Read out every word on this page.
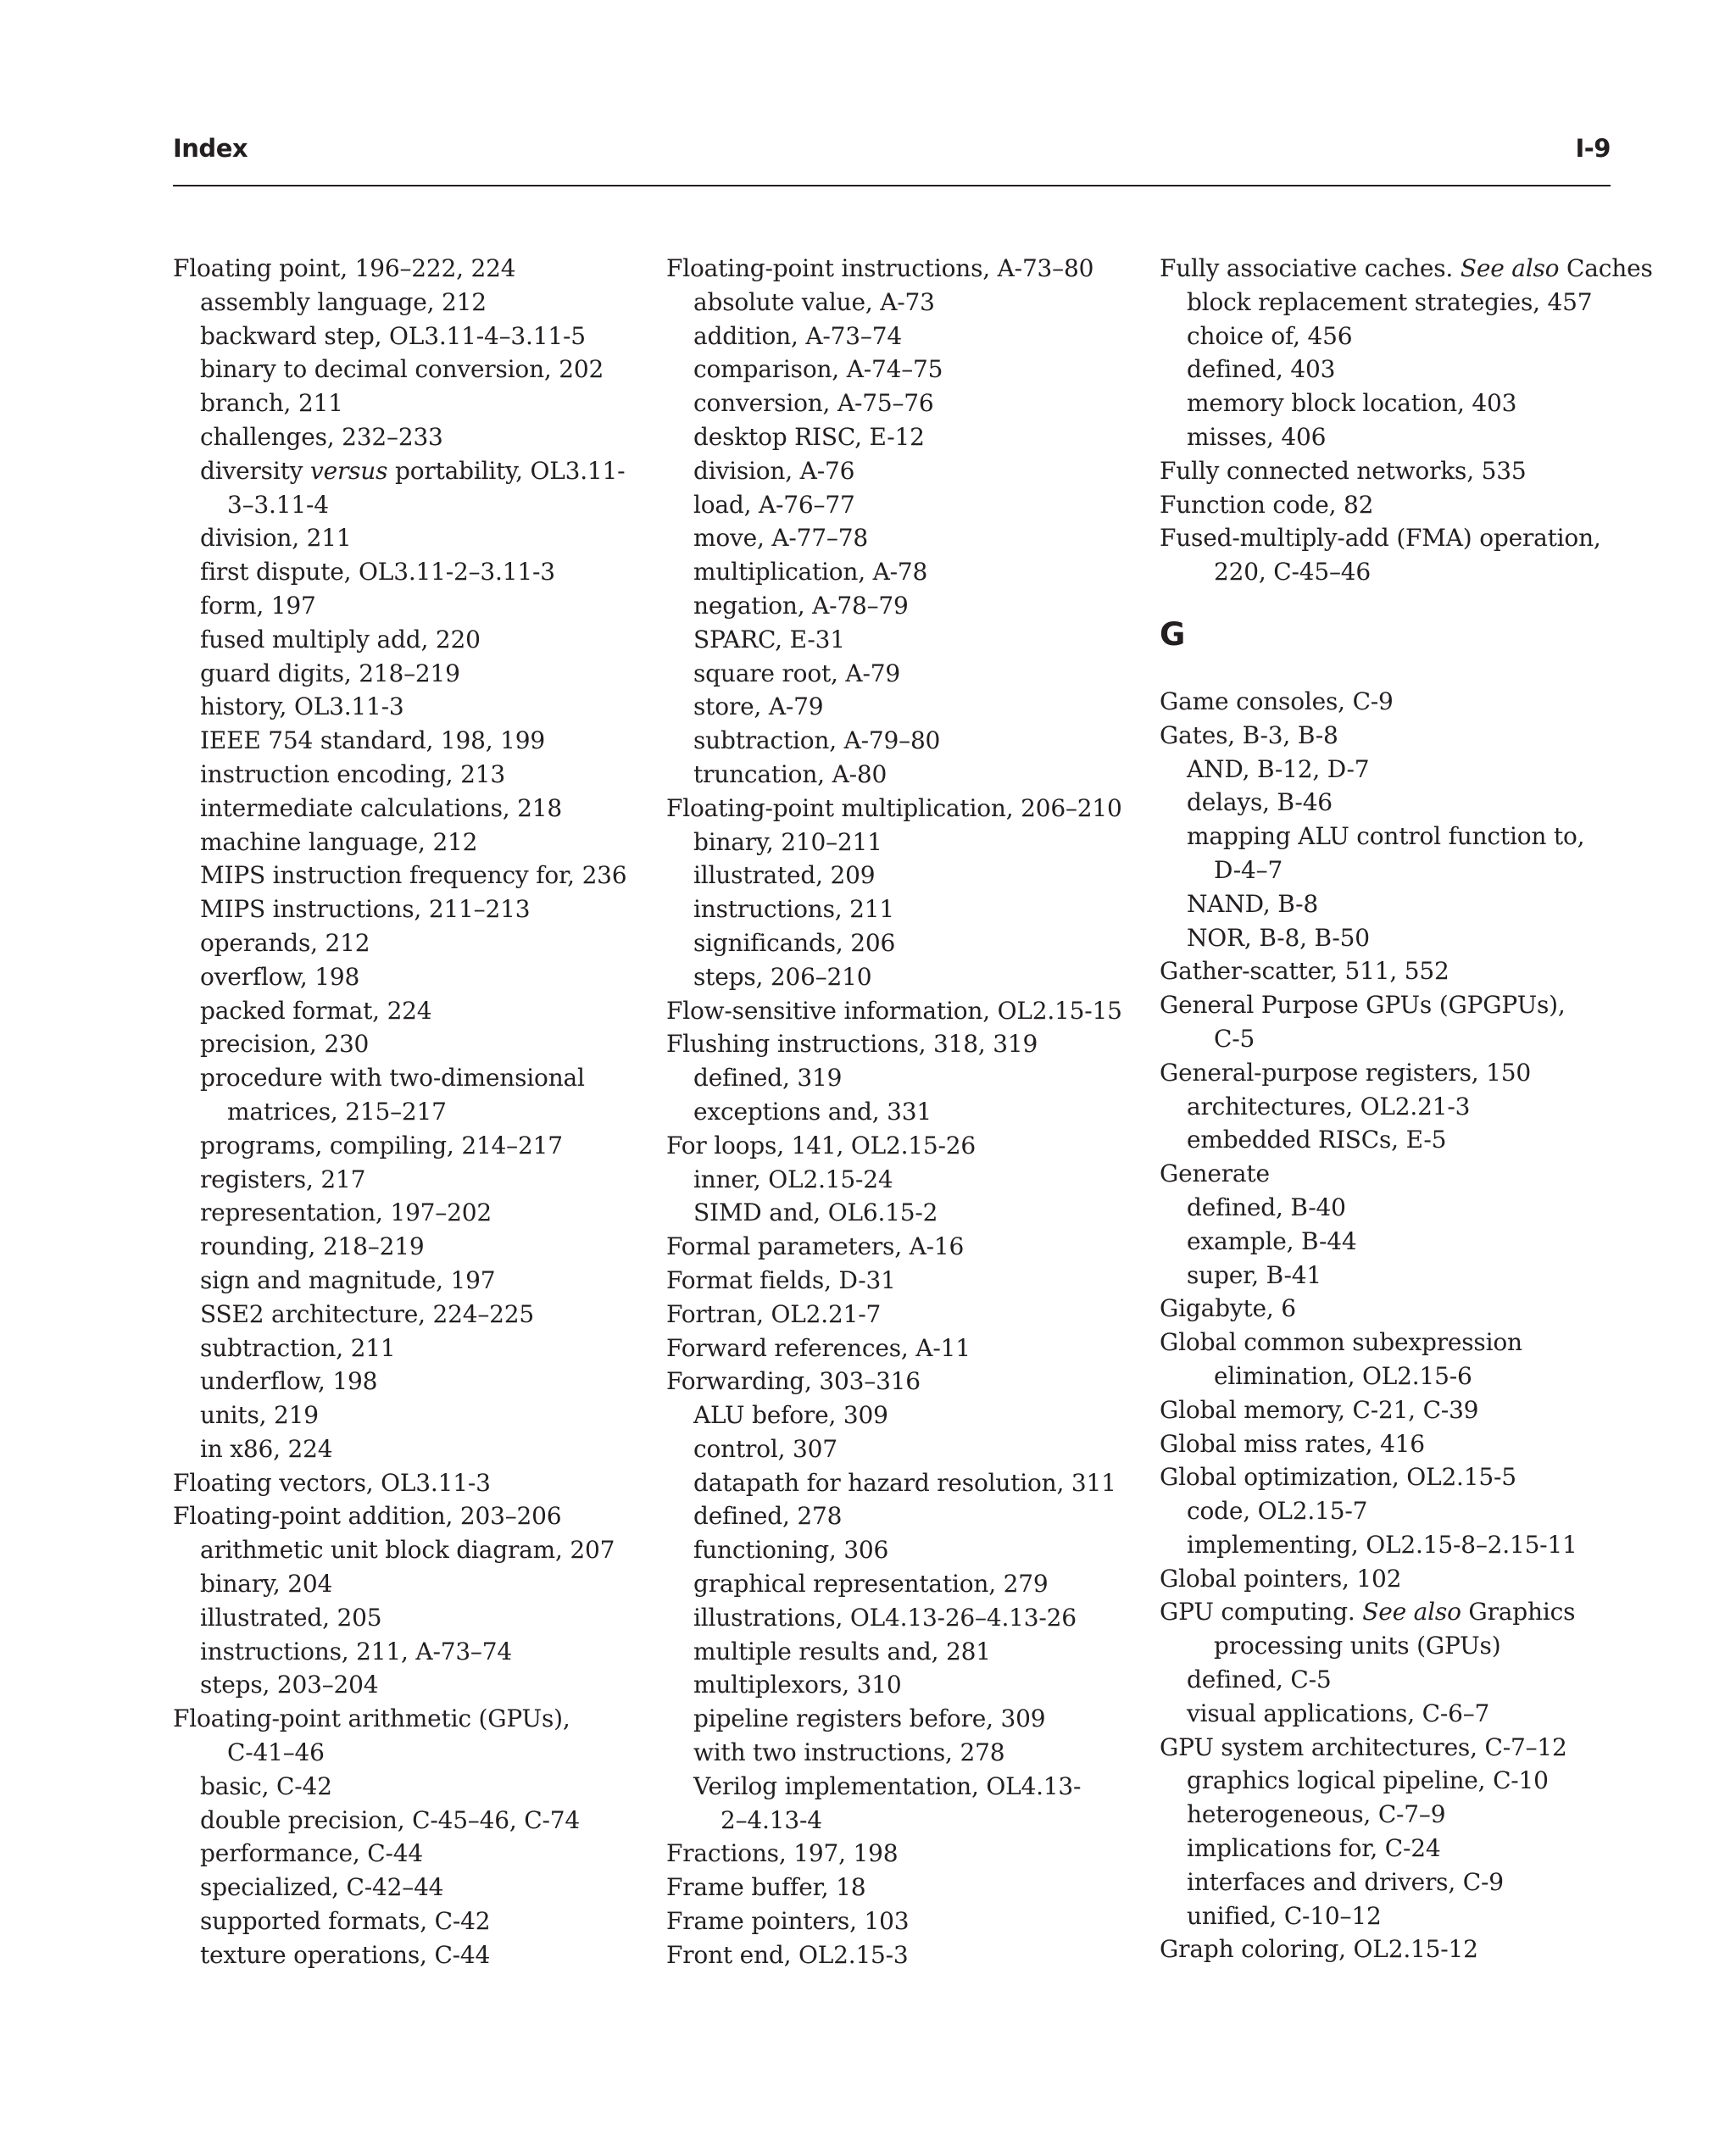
Index	I-9
Floating point, 196–222, 224
assembly language, 212
backward step, OL3.11-4–3.11-5
binary to decimal conversion, 202
branch, 211
challenges, 232–233
diversity versus portability, OL3.11-
3–3.11-4
division, 211
first dispute, OL3.11-2–3.11-3
form, 197
fused multiply add, 220
guard digits, 218–219
history, OL3.11-3
IEEE 754 standard, 198, 199
instruction encoding, 213
intermediate calculations, 218
machine language, 212
MIPS instruction frequency for, 236
MIPS instructions, 211–213
operands, 212
overflow, 198
packed format, 224
precision, 230
procedure with two-dimensional
matrices, 215–217
programs, compiling, 214–217
registers, 217
representation, 197–202
rounding, 218–219
sign and magnitude, 197
SSE2 architecture, 224–225
subtraction, 211
underflow, 198
units, 219
in x86, 224
Floating vectors, OL3.11-3
Floating-point addition, 203–206
arithmetic unit block diagram, 207
binary, 204
illustrated, 205
instructions, 211, A-73–74
steps, 203–204
Floating-point arithmetic (GPUs),
C-41–46
basic, C-42
double precision, C-45–46, C-74
performance, C-44
specialized, C-42–44
supported formats, C-42
texture operations, C-44
Floating-point instructions, A-73–80
absolute value, A-73
addition, A-73–74
comparison, A-74–75
conversion, A-75–76
desktop RISC, E-12
division, A-76
load, A-76–77
move, A-77–78
multiplication, A-78
negation, A-78–79
SPARC, E-31
square root, A-79
store, A-79
subtraction, A-79–80
truncation, A-80
Floating-point multiplication, 206–210
binary, 210–211
illustrated, 209
instructions, 211
significands, 206
steps, 206–210
Flow-sensitive information, OL2.15-15
Flushing instructions, 318, 319
defined, 319
exceptions and, 331
For loops, 141, OL2.15-26
inner, OL2.15-24
SIMD and, OL6.15-2
Formal parameters, A-16
Format fields, D-31
Fortran, OL2.21-7
Forward references, A-11
Forwarding, 303–316
ALU before, 309
control, 307
datapath for hazard resolution, 311
defined, 278
functioning, 306
graphical representation, 279
illustrations, OL4.13-26–4.13-26
multiple results and, 281
multiplexors, 310
pipeline registers before, 309
with two instructions, 278
Verilog implementation, OL4.13-
2–4.13-4
Fractions, 197, 198
Frame buffer, 18
Frame pointers, 103
Front end, OL2.15-3
Fully associative caches. See also Caches
block replacement strategies, 457
choice of, 456
defined, 403
memory block location, 403
misses, 406
Fully connected networks, 535
Function code, 82
Fused-multiply-add (FMA) operation,
220, C-45–46
G
Game consoles, C-9
Gates, B-3, B-8
AND, B-12, D-7
delays, B-46
mapping ALU control function to,
D-4–7
NAND, B-8
NOR, B-8, B-50
Gather-scatter, 511, 552
General Purpose GPUs (GPGPUs),
C-5
General-purpose registers, 150
architectures, OL2.21-3
embedded RISCs, E-5
Generate
defined, B-40
example, B-44
super, B-41
Gigabyte, 6
Global common subexpression
elimination, OL2.15-6
Global memory, C-21, C-39
Global miss rates, 416
Global optimization, OL2.15-5
code, OL2.15-7
implementing, OL2.15-8–2.15-11
Global pointers, 102
GPU computing. See also Graphics
processing units (GPUs)
defined, C-5
visual applications, C-6–7
GPU system architectures, C-7–12
graphics logical pipeline, C-10
heterogeneous, C-7–9
implications for, C-24
interfaces and drivers, C-9
unified, C-10–12
Graph coloring, OL2.15-12
